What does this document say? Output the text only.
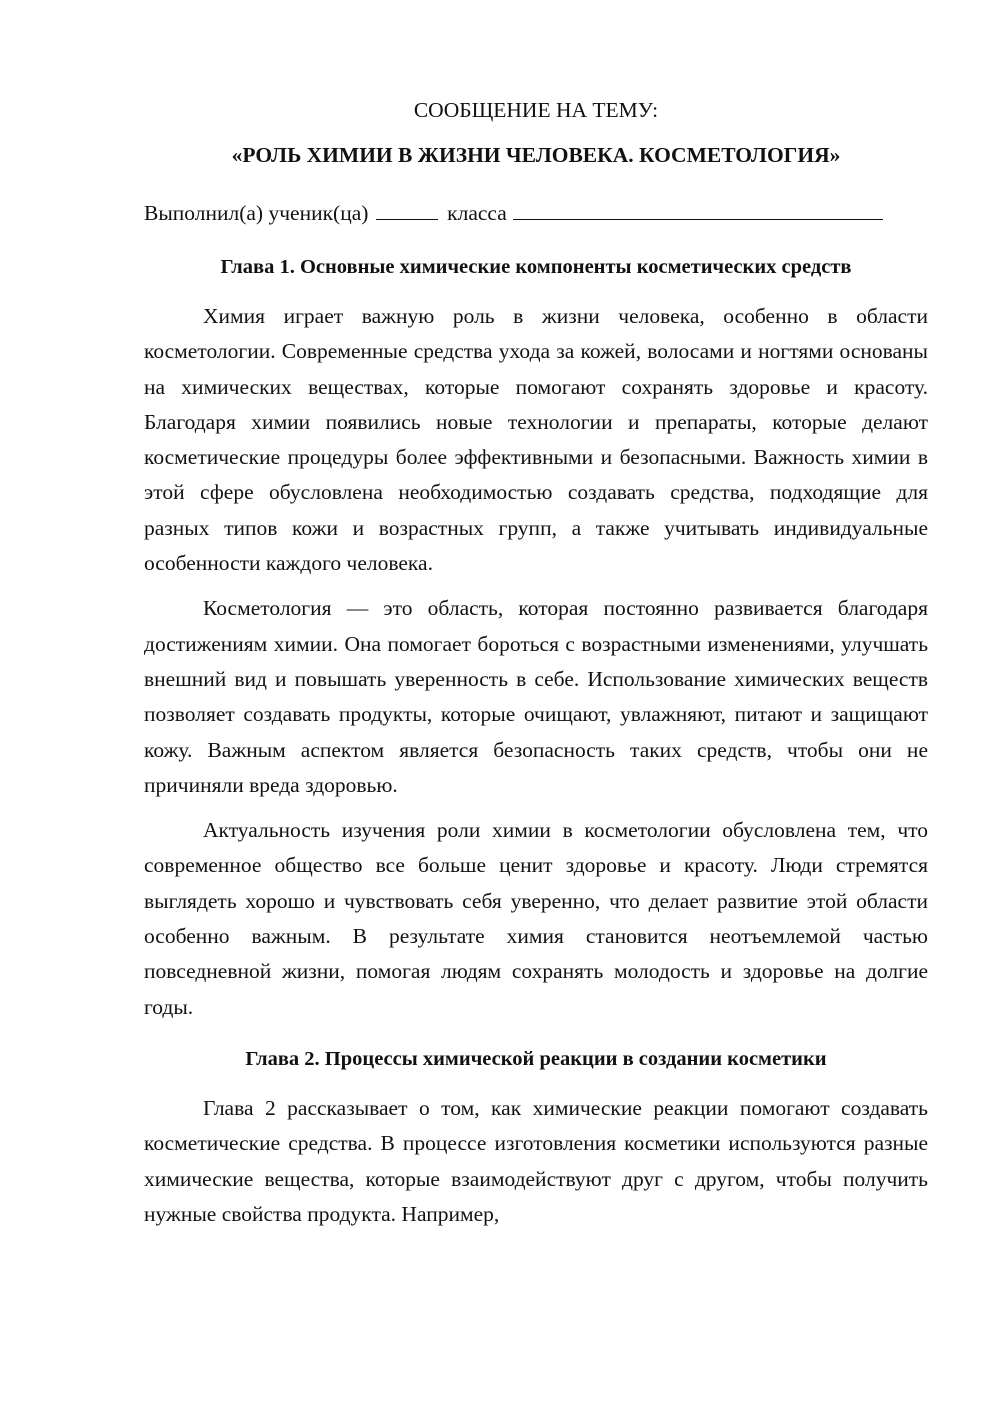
СООБЩЕНИЕ НА ТЕМУ:

«РОЛЬ ХИМИИ В ЖИЗНИ ЧЕЛОВЕКА. КОСМЕТОЛОГИЯ»

Выполнил(а) ученик(ца)	класса

Глава 1. Основные химические компоненты косметических средств

Химия играет важную роль в жизни человека, особенно в области косметологии. Современные средства ухода за кожей, волосами и ногтями основаны на химических веществах, которые помогают сохранять здоровье и красоту. Благодаря химии появились новые технологии и препараты, которые делают косметические процедуры более эффективными и безопасными. Важность химии в этой сфере обусловлена необходимостью создавать средства, подходящие для разных типов кожи и возрастных групп, а также учитывать индивидуальные особенности каждого человека.

Косметология — это область, которая постоянно развивается благодаря достижениям химии. Она помогает бороться с возрастными изменениями, улучшать внешний вид и повышать уверенность в себе. Использование химических веществ позволяет создавать продукты, которые очищают, увлажняют, питают и защищают кожу. Важным аспектом является безопасность таких средств, чтобы они не причиняли вреда здоровью.

Актуальность изучения роли химии в косметологии обусловлена тем, что современное общество все больше ценит здоровье и красоту. Люди стремятся выглядеть хорошо и чувствовать себя уверенно, что делает развитие этой области особенно важным. В результате химия становится неотъемлемой частью повседневной жизни, помогая людям сохранять молодость и здоровье на долгие годы.

Глава 2. Процессы химической реакции в создании косметики

Глава 2 рассказывает о том, как химические реакции помогают создавать косметические средства. В процессе изготовления косметики используются разные химические вещества, которые взаимодействуют друг с другом, чтобы получить нужные свойства продукта. Например,
